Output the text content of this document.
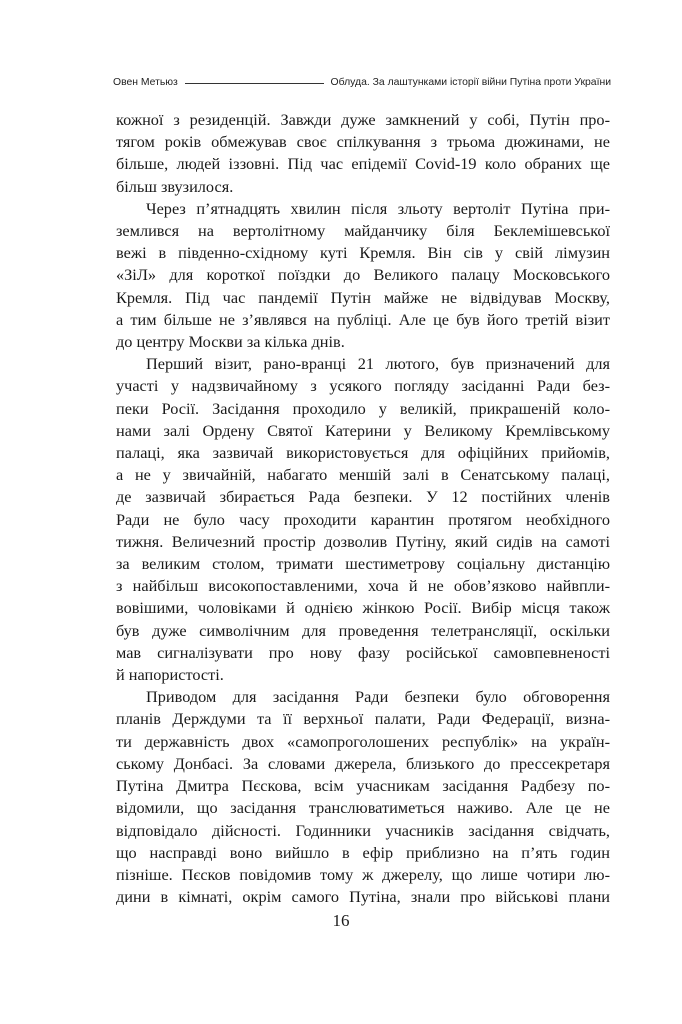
Овен Метьюз	Облуда. За лаштунками історії війни Путіна проти України
кожної з резиденцій. Завжди дуже замкнений у собі, Путін про-
тягом років обмежував своє спілкування з трьома дюжинами, не
більше, людей іззовні. Під час епідемії Covid-19 коло обраних ще
більш звузилося.
Через п’ятнадцять хвилин після зльоту вертоліт Путіна при-
землився на вертолітному майданчику біля Беклемішевської
вежі в південно-східному куті Кремля. Він сів у свій лімузин
«ЗіЛ» для короткої поїздки до Великого палацу Московського
Кремля. Під час пандемії Путін майже не відвідував Москву,
а тим більше не з’являвся на публіці. Але це був його третій візит
до центру Москви за кілька днів.
Перший візит, рано-вранці 21 лютого, був призначений для
участі у надзвичайному з усякого погляду засіданні Ради без-
пеки Росії. Засідання проходило у великій, прикрашеній коло-
нами залі Ордену Святої Катерини у Великому Кремлівському
палаці, яка зазвичай використовується для офіційних прийомів,
а не у звичайній, набагато меншій залі в Сенатському палаці,
де зазвичай збирається Рада безпеки. У 12 постійних членів
Ради не було часу проходити карантин протягом необхідного
тижня. Величезний простір дозволив Путіну, який сидів на самоті
за великим столом, тримати шестиметрову соціальну дистанцію
з найбільш високопоставленими, хоча й не обов’язково найвпли-
вовішими, чоловіками й однією жінкою Росії. Вибір місця також
був дуже символічним для проведення телетрансляції, оскільки
мав сигналізувати про нову фазу російської самовпевненості
й напористості.
Приводом для засідання Ради безпеки було обговорення
планів Держдуми та її верхньої палати, Ради Федерації, визна-
ти державність двох «самопроголошених республік» на україн-
ському Донбасі. За словами джерела, близького до прессекретаря
Путіна Дмитра Пєскова, всім учасникам засідання Радбезу по-
відомили, що засідання транслюватиметься наживо. Але це не
відповідало дійсності. Годинники учасників засідання свідчать,
що насправді воно вийшло в ефір приблизно на п’ять годин
пізніше. Пєсков повідомив тому ж джерелу, що лише чотири лю-
дини в кімнаті, окрім самого Путіна, знали про військові плани
16
